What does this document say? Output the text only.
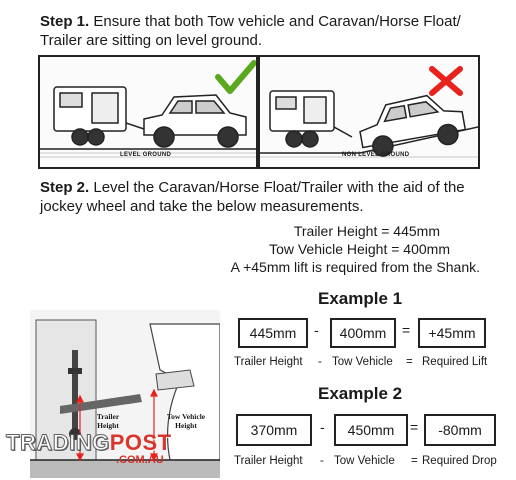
Step 1. Ensure that both Tow vehicle and Caravan/Horse Float/ Trailer are sitting on level ground.
LEVEL GROUND	NON LEVEL GROUND
Step 2. Level the Caravan/Horse Float/Trailer with the aid of the jockey wheel and take the below measurements.
Trailer Height = 445mm
Tow Vehicle Height = 400mm
A +45mm lift is required from the Shank.
Trailer Height
Tow Vehicle Height
Example 1
445mm	-	400mm	=	+45mm
Trailer Height - Tow Vehicle = Required Lift
Example 2
370mm	-	450mm	=	-80mm
Trailer Height - Tow Vehicle = Required Drop
TRADINGPOST
.COM.AU
